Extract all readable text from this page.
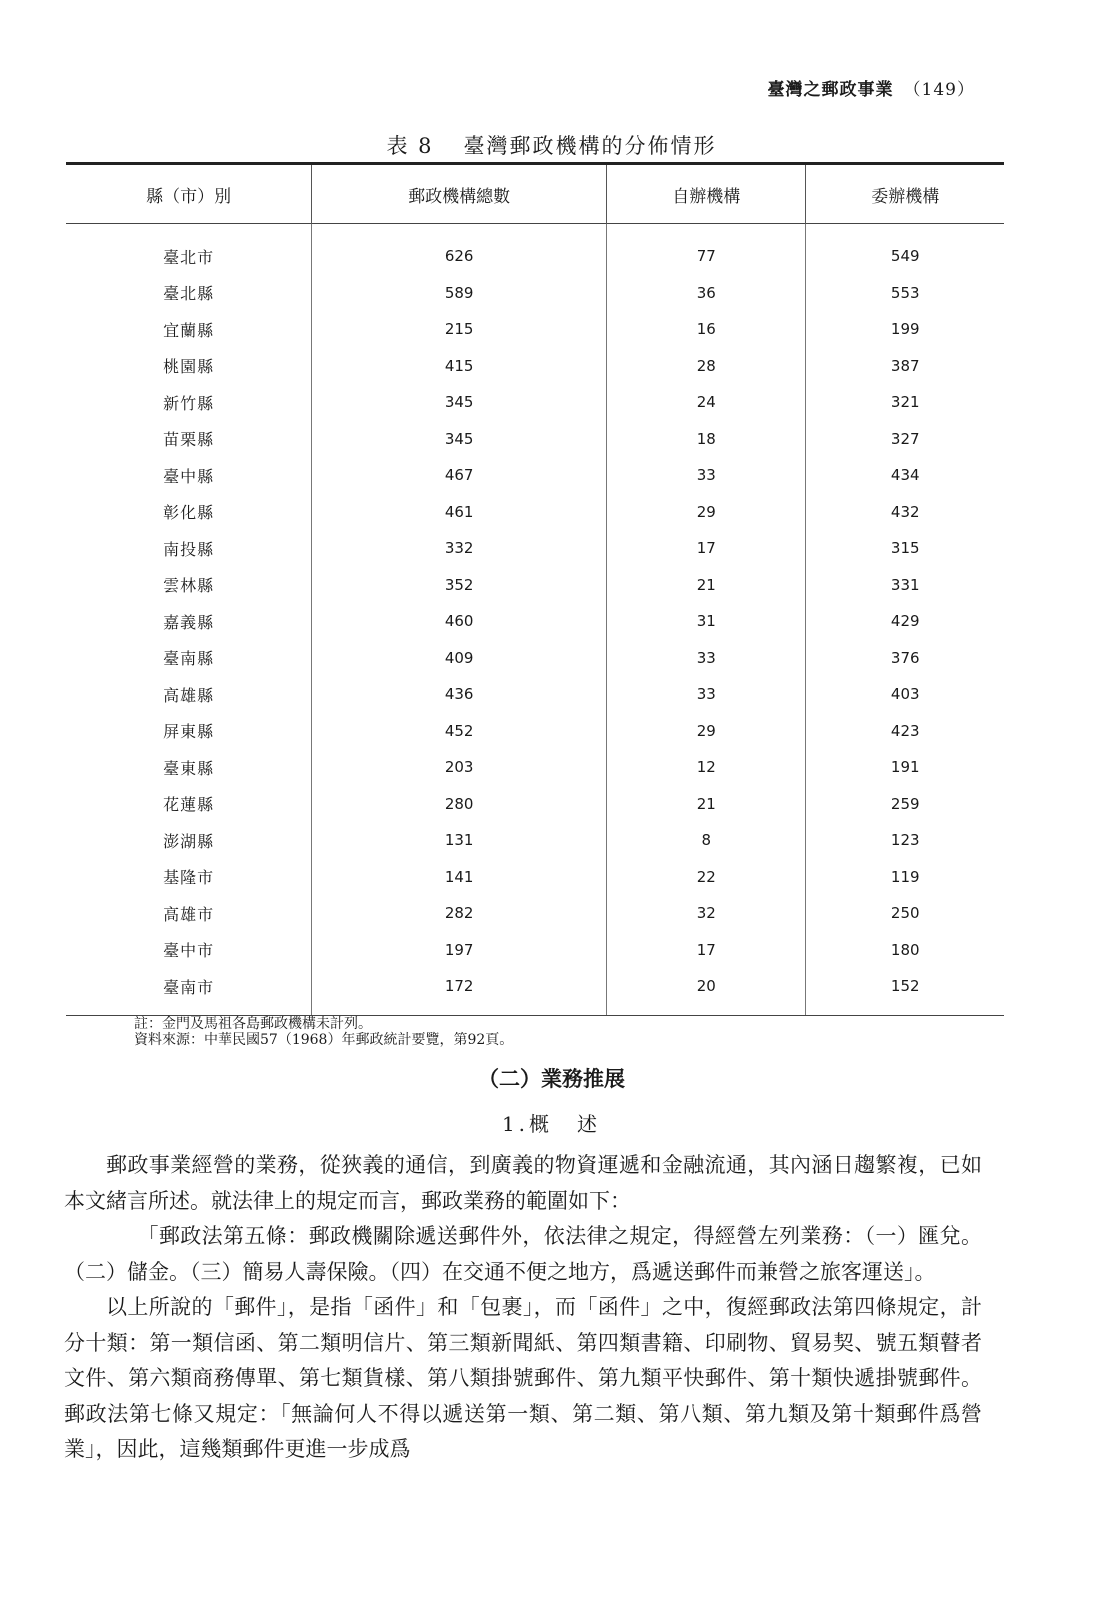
臺灣之郵政事業 （149）
表 8 臺灣郵政機構的分佈情形
縣（市）別	郵政機構總數	自辦機構	委辦機構
臺北市	626	77	549
臺北縣	589	36	553
宜蘭縣	215	16	199
桃園縣	415	28	387
新竹縣	345	24	321
苗栗縣	345	18	327
臺中縣	467	33	434
彰化縣	461	29	432
南投縣	332	17	315
雲林縣	352	21	331
嘉義縣	460	31	429
臺南縣	409	33	376
高雄縣	436	33	403
屏東縣	452	29	423
臺東縣	203	12	191
花蓮縣	280	21	259
澎湖縣	131	8	123
基隆市	141	22	119
高雄市	282	32	250
臺中市	197	17	180
臺南市	172	20	152
註：金門及馬祖各島郵政機構未計列。
資料來源：中華民國57（1968）年郵政統計要覽，第92頁。
（二）業務推展
1.概　述

郵政事業經營的業務，從狹義的通信，到廣義的物資運遞和金融流通，其內涵日趨繁複，已如本文緒言所述。就法律上的規定而言，郵政業務的範圍如下：

「郵政法第五條：郵政機關除遞送郵件外，依法律之規定，得經營左列業務：（一）匯兌。（二）儲金。（三）簡易人壽保險。（四）在交通不便之地方，爲遞送郵件而兼營之旅客運送」。

以上所說的「郵件」，是指「函件」和「包裹」，而「函件」之中，復經郵政法第四條規定，計分十類：第一類信函、第二類明信片、第三類新聞紙、第四類書籍、印刷物、貿易契、號五類瞽者文件、第六類商務傳單、第七類貨樣、第八類掛號郵件、第九類平快郵件、第十類快遞掛號郵件。郵政法第七條又規定：「無論何人不得以遞送第一類、第二類、第八類、第九類及第十類郵件爲營業」，因此，這幾類郵件更進一步成爲
